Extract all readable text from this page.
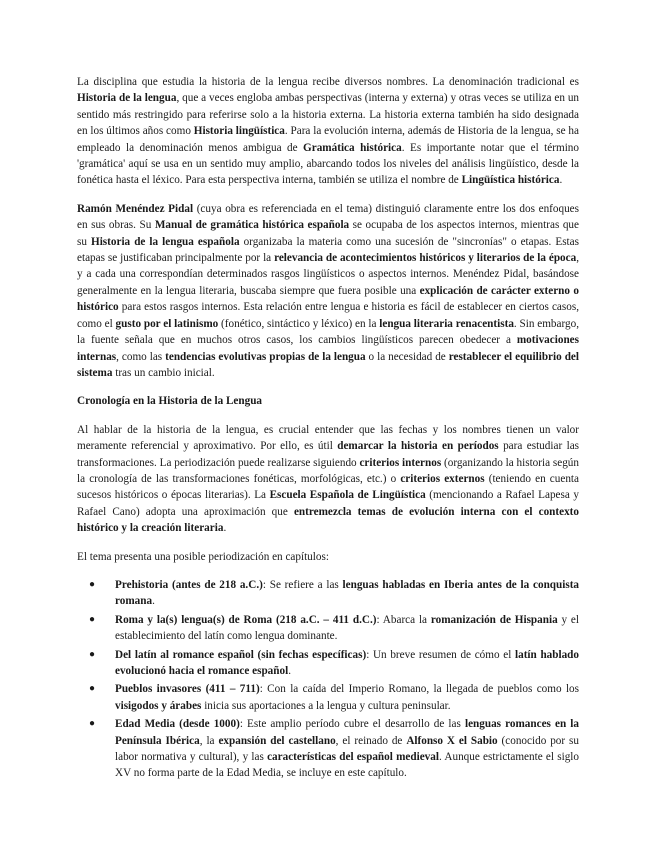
La disciplina que estudia la historia de la lengua recibe diversos nombres. La denominación tradicional es Historia de la lengua, que a veces engloba ambas perspectivas (interna y externa) y otras veces se utiliza en un sentido más restringido para referirse solo a la historia externa. La historia externa también ha sido designada en los últimos años como Historia lingüística. Para la evolución interna, además de Historia de la lengua, se ha empleado la denominación menos ambigua de Gramática histórica. Es importante notar que el término 'gramática' aquí se usa en un sentido muy amplio, abarcando todos los niveles del análisis lingüístico, desde la fonética hasta el léxico. Para esta perspectiva interna, también se utiliza el nombre de Lingüística histórica.

Ramón Menéndez Pidal (cuya obra es referenciada en el tema) distinguió claramente entre los dos enfoques en sus obras. Su Manual de gramática histórica española se ocupaba de los aspectos internos, mientras que su Historia de la lengua española organizaba la materia como una sucesión de "sincronías" o etapas. Estas etapas se justificaban principalmente por la relevancia de acontecimientos históricos y literarios de la época, y a cada una correspondían determinados rasgos lingüísticos o aspectos internos. Menéndez Pidal, basándose generalmente en la lengua literaria, buscaba siempre que fuera posible una explicación de carácter externo o histórico para estos rasgos internos. Esta relación entre lengua e historia es fácil de establecer en ciertos casos, como el gusto por el latinismo (fonético, sintáctico y léxico) en la lengua literaria renacentista. Sin embargo, la fuente señala que en muchos otros casos, los cambios lingüísticos parecen obedecer a motivaciones internas, como las tendencias evolutivas propias de la lengua o la necesidad de restablecer el equilibrio del sistema tras un cambio inicial.

Cronología en la Historia de la Lengua

Al hablar de la historia de la lengua, es crucial entender que las fechas y los nombres tienen un valor meramente referencial y aproximativo. Por ello, es útil demarcar la historia en períodos para estudiar las transformaciones. La periodización puede realizarse siguiendo criterios internos (organizando la historia según la cronología de las transformaciones fonéticas, morfológicas, etc.) o criterios externos (teniendo en cuenta sucesos históricos o épocas literarias). La Escuela Española de Lingüística (mencionando a Rafael Lapesa y Rafael Cano) adopta una aproximación que entremezcla temas de evolución interna con el contexto histórico y la creación literaria.

El tema presenta una posible periodización en capítulos:

● Prehistoria (antes de 218 a.C.): Se refiere a las lenguas habladas en Iberia antes de la conquista romana.
● Roma y la(s) lengua(s) de Roma (218 a.C. – 411 d.C.): Abarca la romanización de Hispania y el establecimiento del latín como lengua dominante.
● Del latín al romance español (sin fechas específicas): Un breve resumen de cómo el latín hablado evolucionó hacia el romance español.
● Pueblos invasores (411 – 711): Con la caída del Imperio Romano, la llegada de pueblos como los visigodos y árabes inicia sus aportaciones a la lengua y cultura peninsular.
● Edad Media (desde 1000): Este amplio período cubre el desarrollo de las lenguas romances en la Península Ibérica, la expansión del castellano, el reinado de Alfonso X el Sabio (conocido por su labor normativa y cultural), y las características del español medieval. Aunque estrictamente el siglo XV no forma parte de la Edad Media, se incluye en este capítulo.
